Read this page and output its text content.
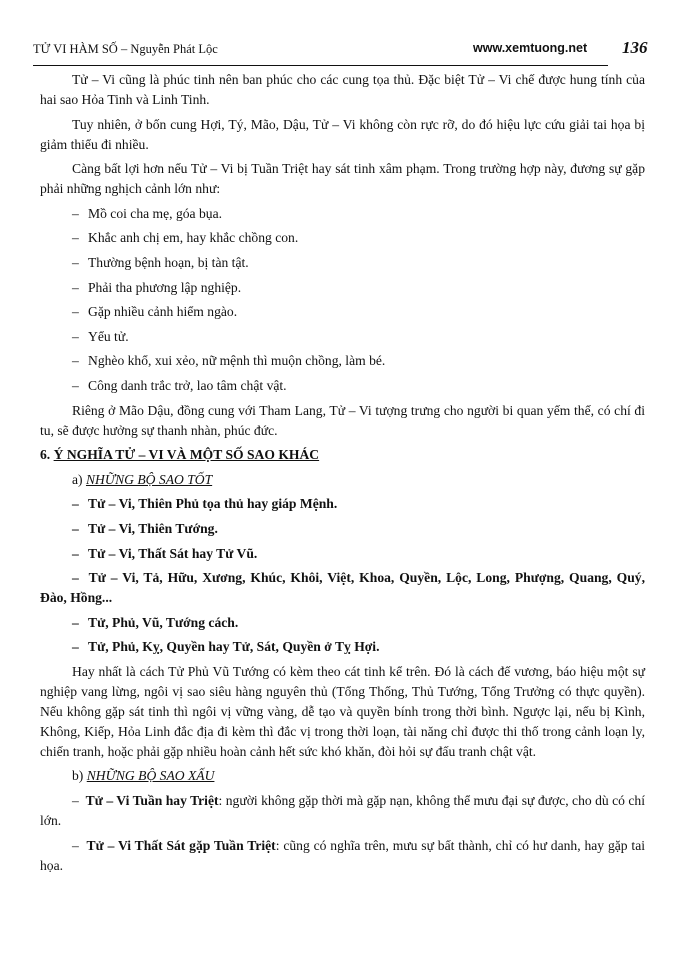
TỬ VI HÀM SỐ – Nguyễn Phát Lộc	www.xemtuong.net 136

Tử – Vi cũng là phúc tinh nên ban phúc cho các cung tọa thủ. Đặc biệt Tử – Vi chế được hung tính của hai sao Hỏa Tinh và Linh Tinh.

Tuy nhiên, ở bốn cung Hợi, Tý, Mão, Dậu, Tử – Vi không còn rực rỡ, do đó hiệu lực cứu giải tai họa bị giảm thiểu đi nhiều.

Càng bất lợi hơn nếu Tử – Vi bị Tuần Triệt hay sát tinh xâm phạm. Trong trường hợp này, đương sự gặp phải những nghịch cảnh lớn như:

– Mồ coi cha mẹ, góa bụa.

– Khắc anh chị em, hay khắc chồng con.

– Thường bệnh hoạn, bị tàn tật.

– Phải tha phương lập nghiệp.

– Gặp nhiều cảnh hiểm ngào.

– Yểu tử.

– Nghèo khổ, xui xẻo, nữ mệnh thì muộn chồng, làm bé.

– Công danh trắc trở, lao tâm chật vật.

Riêng ở Mão Dậu, đồng cung với Tham Lang, Tử – Vi tượng trưng cho người bi quan yếm thế, có chí đi tu, sẽ được hưởng sự thanh nhàn, phúc đức.

6. Ý NGHĨA TỬ – VI VÀ MỘT SỐ SAO KHÁC

a) NHỮNG BỘ SAO TỐT

– Tử – Vi, Thiên Phủ tọa thủ hay giáp Mệnh.

– Tử – Vi, Thiên Tướng.

– Tử – Vi, Thất Sát hay Tử Vũ.

– Tử – Vi, Tả, Hữu, Xương, Khúc, Khôi, Việt, Khoa, Quyền, Lộc, Long, Phượng, Quang, Quý, Đào, Hồng...

– Tử, Phủ, Vũ, Tướng cách.

– Tử, Phủ, Kỵ, Quyền hay Tử, Sát, Quyền ở Tỵ Hợi.

Hay nhất là cách Tử Phủ Vũ Tướng có kèm theo cát tinh kể trên. Đó là cách đế vương, báo hiệu một sự nghiệp vang lừng, ngôi vị sao siêu hàng nguyên thủ (Tổng Thống, Thủ Tướng, Tổng Trưởng có thực quyền). Nếu không gặp sát tinh thì ngôi vị vững vàng, dễ tạo và quyền bính trong thời bình. Ngược lại, nếu bị Kình, Không, Kiếp, Hỏa Linh đắc địa đi kèm thì đắc vị trong thời loạn, tài năng chỉ được thi thố trong cảnh loạn ly, chiến tranh, hoặc phải gặp nhiều hoàn cảnh hết sức khó khăn, đòi hỏi sự đấu tranh chật vật.

b) NHỮNG BỘ SAO XẤU

– Tử – Vi Tuần hay Triệt: người không gặp thời mà gặp nạn, không thể mưu đại sự được, cho dù có chí lớn.

– Tử – Vi Thất Sát gặp Tuần Triệt: cũng có nghĩa trên, mưu sự bất thành, chỉ có hư danh, hay gặp tai họa.
